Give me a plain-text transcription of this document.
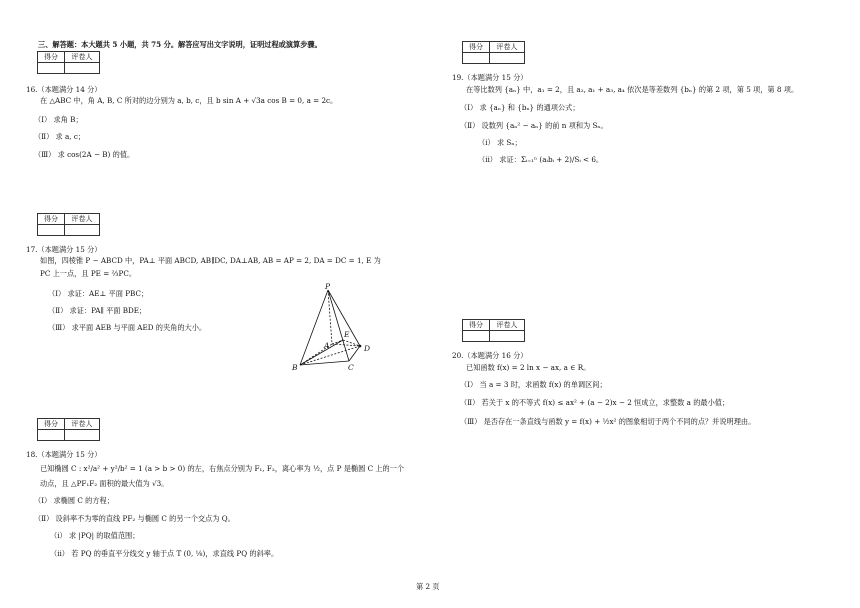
三、解答题：本大题共 5 小题，共 75 分。解答应写出文字说明，证明过程或演算步骤。
得分	评卷人

16.（本题满分 14 分）
在 △ABC 中，角 A, B, C 所对的边分别为 a, b, c，且 b sin A + √3a cos B = 0, a = 2c。
（Ⅰ） 求角 B；
（Ⅱ） 求 a, c；
（Ⅲ） 求 cos(2A − B) 的值。
得分	评卷人

17.（本题满分 15 分）
如图，四棱锥 P − ABCD 中，PA⊥ 平面 ABCD, AB∥DC, DA⊥AB, AB = AP = 2, DA = DC = 1, E 为
PC 上一点，且 PE = ⅔PC。
（Ⅰ） 求证：AE⊥ 平面 PBC；
（Ⅱ） 求证：PA∥ 平面 BDE；
（Ⅲ） 求平面 AEB 与平面 AED 的夹角的大小。
P
A
B	C
D
E
得分	评卷人

18.（本题满分 15 分）
已知椭圆 C : x²/a² + y²/b² = 1 (a > b > 0) 的左，右焦点分别为 F₁, F₂，离心率为 ½，点 P 是椭圆 C 上的一个
动点，且 △PF₁F₂ 面积的最大值为 √3。
（Ⅰ） 求椭圆 C 的方程；
（Ⅱ） 设斜率不为零的直线 PF₂ 与椭圆 C 的另一个交点为 Q。
（ⅰ） 求 |PQ| 的取值范围；
（ⅱ） 若 PQ 的垂直平分线交 y 轴于点 T (0, ⅛)，求直线 PQ 的斜率。
得分	评卷人

19.（本题满分 15 分）
在等比数列 {aₙ} 中，a₁ = 2，且 a₂, a₁ + a₃, a₄ 依次是等差数列 {bₙ} 的第 2 项，第 5 项，第 8 项。
（Ⅰ） 求 {aₙ} 和 {bₙ} 的通项公式；
（Ⅱ） 设数列 {aₙ² − aₙ} 的前 n 项和为 Sₙ。
（ⅰ） 求 Sₙ；
（ⅱ） 求证：Σᵢ₌₁ⁿ (aᵢbᵢ + 2)/Sᵢ < 6。
得分	评卷人

20.（本题满分 16 分）
已知函数 f(x) = 2 ln x − ax, a ∈ R。
（Ⅰ） 当 a = 3 时，求函数 f(x) 的单调区间；
（Ⅱ） 若关于 x 的不等式 f(x) ≤ ax² + (a − 2)x − 2 恒成立，求整数 a 的最小值；
（Ⅲ） 是否存在一条直线与函数 y = f(x) + ½x² 的图象相切于两个不同的点？并说明理由。
第 2 页
